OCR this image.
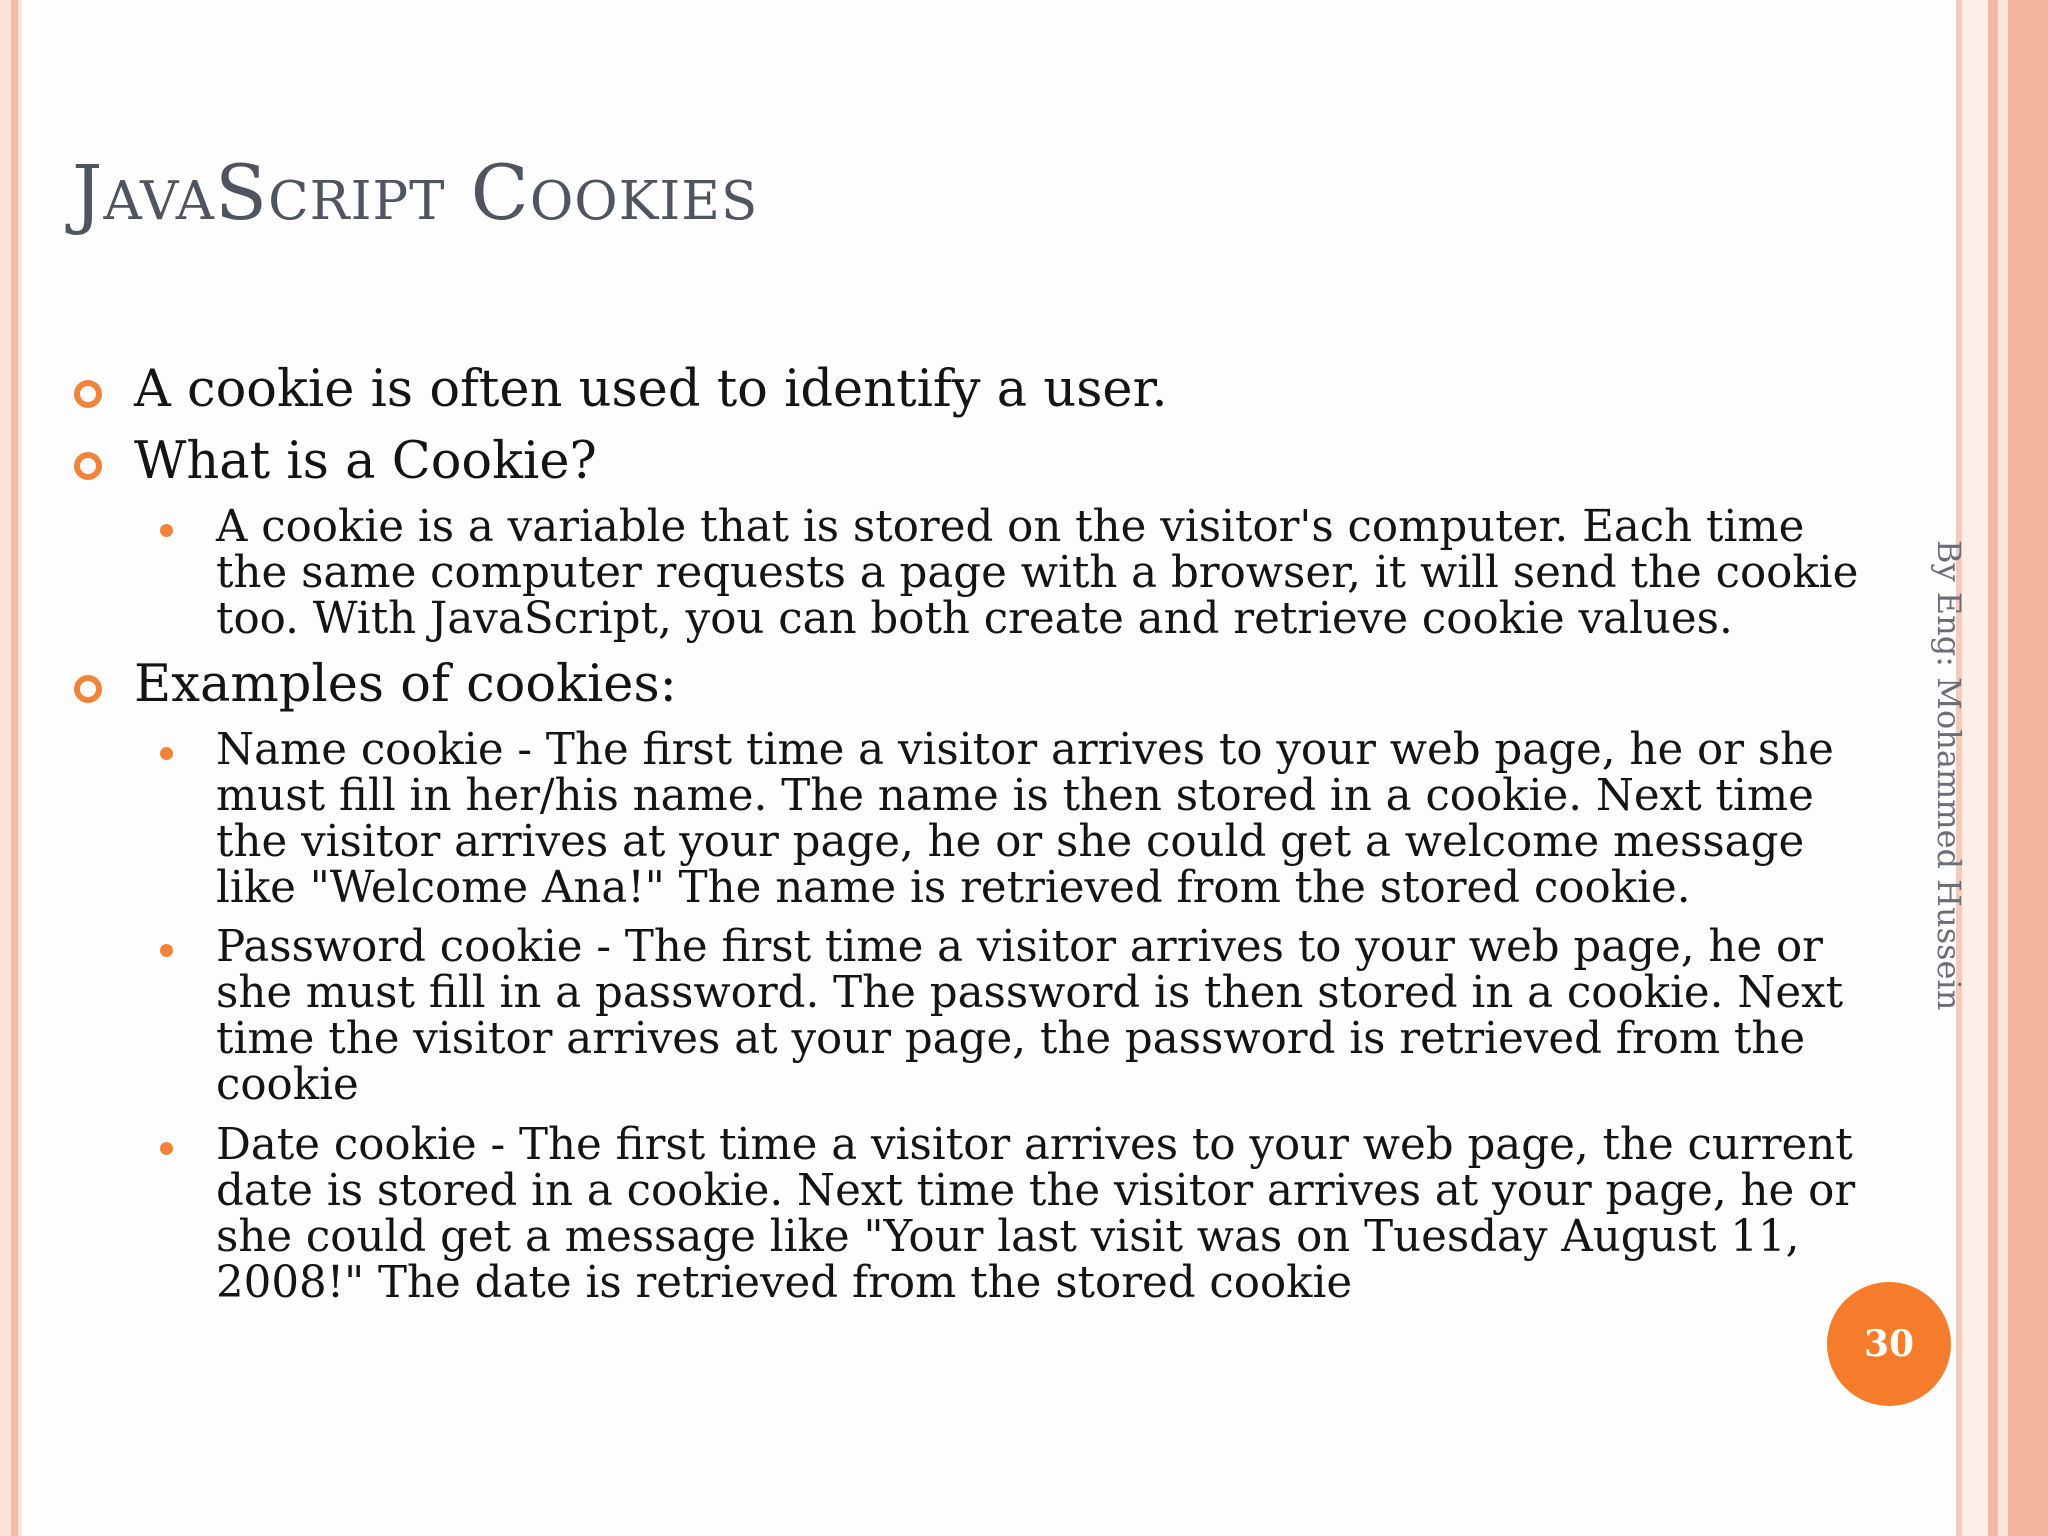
JavaScript Cookies
A cookie is often used to identify a user.
What is a Cookie?
A cookie is a variable that is stored on the visitor's computer. Each time
the same computer requests a page with a browser, it will send the cookie
too. With JavaScript, you can both create and retrieve cookie values.
Examples of cookies:
Name cookie - The first time a visitor arrives to your web page, he or she
must fill in her/his name. The name is then stored in a cookie. Next time
the visitor arrives at your page, he or she could get a welcome message
like "Welcome Ana!" The name is retrieved from the stored cookie.
Password cookie - The first time a visitor arrives to your web page, he or
she must fill in a password. The password is then stored in a cookie. Next
time the visitor arrives at your page, the password is retrieved from the
cookie
Date cookie - The first time a visitor arrives to your web page, the current
date is stored in a cookie. Next time the visitor arrives at your page, he or
she could get a message like "Your last visit was on Tuesday August 11,
2008!" The date is retrieved from the stored cookie
By Eng: Mohammed Hussein
30
